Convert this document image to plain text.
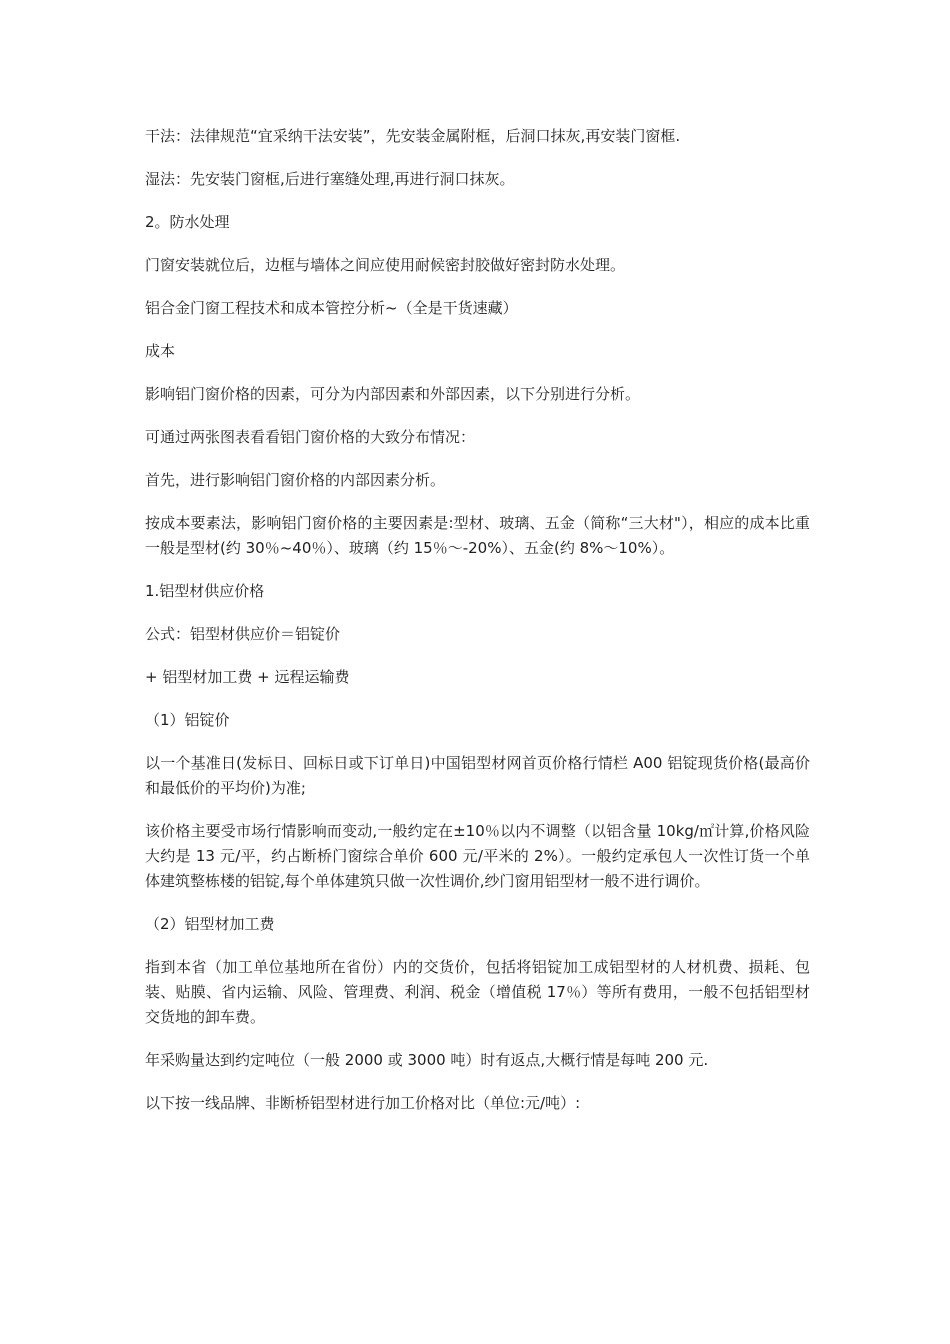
干法：法律规范“宜采纳干法安装”，先安装金属附框，后洞口抹灰,再安装门窗框.

湿法：先安装门窗框,后进行塞缝处理,再进行洞口抹灰。

2。防水处理

门窗安装就位后，边框与墙体之间应使用耐候密封胶做好密封防水处理。

铝合金门窗工程技术和成本管控分析~（全是干货速藏）

成本

影响铝门窗价格的因素，可分为内部因素和外部因素，以下分别进行分析。

可通过两张图表看看铝门窗价格的大致分布情况：

首先，进行影响铝门窗价格的内部因素分析。

按成本要素法，影响铝门窗价格的主要因素是:型材、玻璃、五金（简称“三大材"），相应的成本比重一般是型材(约 30％~40％）、玻璃（约 15％～-20%）、五金(约 8%～10%）。

1.铝型材供应价格

公式：铝型材供应价＝铝锭价

+ 铝型材加工费 + 远程运输费

（1）铝锭价

以一个基准日(发标日、回标日或下订单日)中国铝型材网首页价格行情栏 A00 铝锭现货价格(最高价和最低价的平均价)为准;

该价格主要受市场行情影响而变动,一般约定在±10％以内不调整（以铝含量 10kg/㎡计算,价格风险大约是 13 元/平，约占断桥门窗综合单价 600 元/平米的 2%）。一般约定承包人一次性订货一个单体建筑整栋楼的铝锭,每个单体建筑只做一次性调价,纱门窗用铝型材一般不进行调价。

（2）铝型材加工费

指到本省（加工单位基地所在省份）内的交货价，包括将铝锭加工成铝型材的人材机费、损耗、包装、贴膜、省内运输、风险、管理费、利润、税金（增值税 17％）等所有费用，一般不包括铝型材交货地的卸车费。

年采购量达到约定吨位（一般 2000 或 3000 吨）时有返点,大概行情是每吨 200 元.

以下按一线品牌、非断桥铝型材进行加工价格对比（单位:元/吨）:
